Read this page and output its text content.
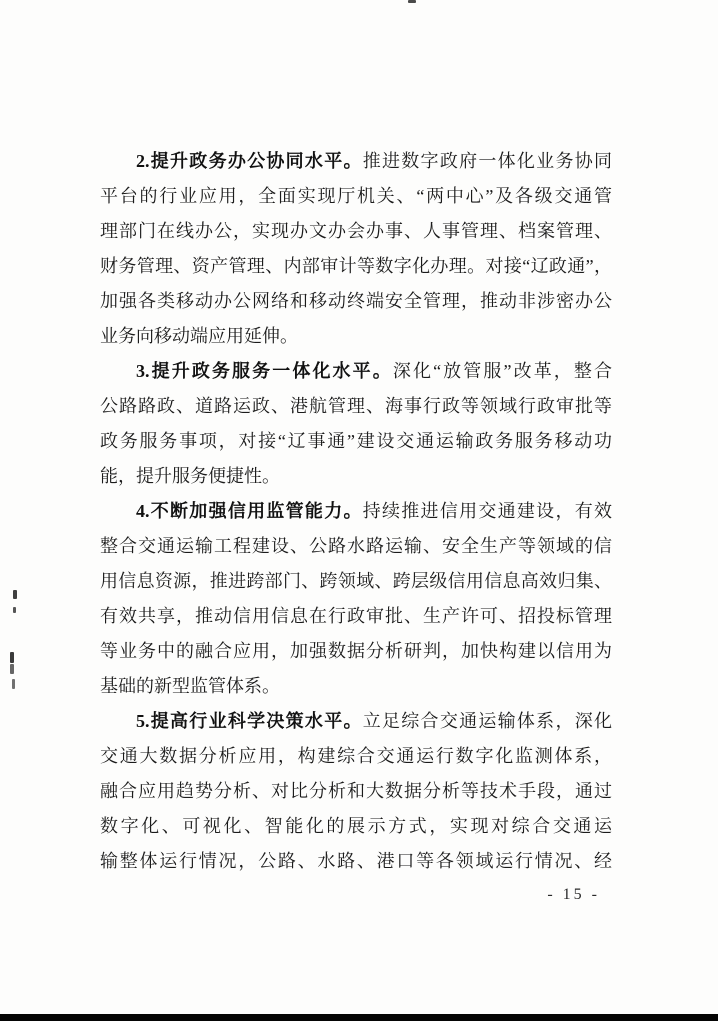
2.提升政务办公协同水平。推进数字政府一体化业务协同
平台的行业应用，全面实现厅机关、“两中心”及各级交通管
理部门在线办公，实现办文办会办事、人事管理、档案管理、
财务管理、资产管理、内部审计等数字化办理。对接“辽政通”，
加强各类移动办公网络和移动终端安全管理，推动非涉密办公
业务向移动端应用延伸。
3.提升政务服务一体化水平。深化“放管服”改革，整合
公路路政、道路运政、港航管理、海事行政等领域行政审批等
政务服务事项，对接“辽事通”建设交通运输政务服务移动功
能，提升服务便捷性。
4.不断加强信用监管能力。持续推进信用交通建设，有效
整合交通运输工程建设、公路水路运输、安全生产等领域的信
用信息资源，推进跨部门、跨领域、跨层级信用信息高效归集、
有效共享，推动信用信息在行政审批、生产许可、招投标管理
等业务中的融合应用，加强数据分析研判，加快构建以信用为
基础的新型监管体系。
5.提高行业科学决策水平。立足综合交通运输体系，深化
交通大数据分析应用，构建综合交通运行数字化监测体系，
融合应用趋势分析、对比分析和大数据分析等技术手段，通过
数字化、可视化、智能化的展示方式，实现对综合交通运
输整体运行情况，公路、水路、港口等各领域运行情况、经
- 15 -
